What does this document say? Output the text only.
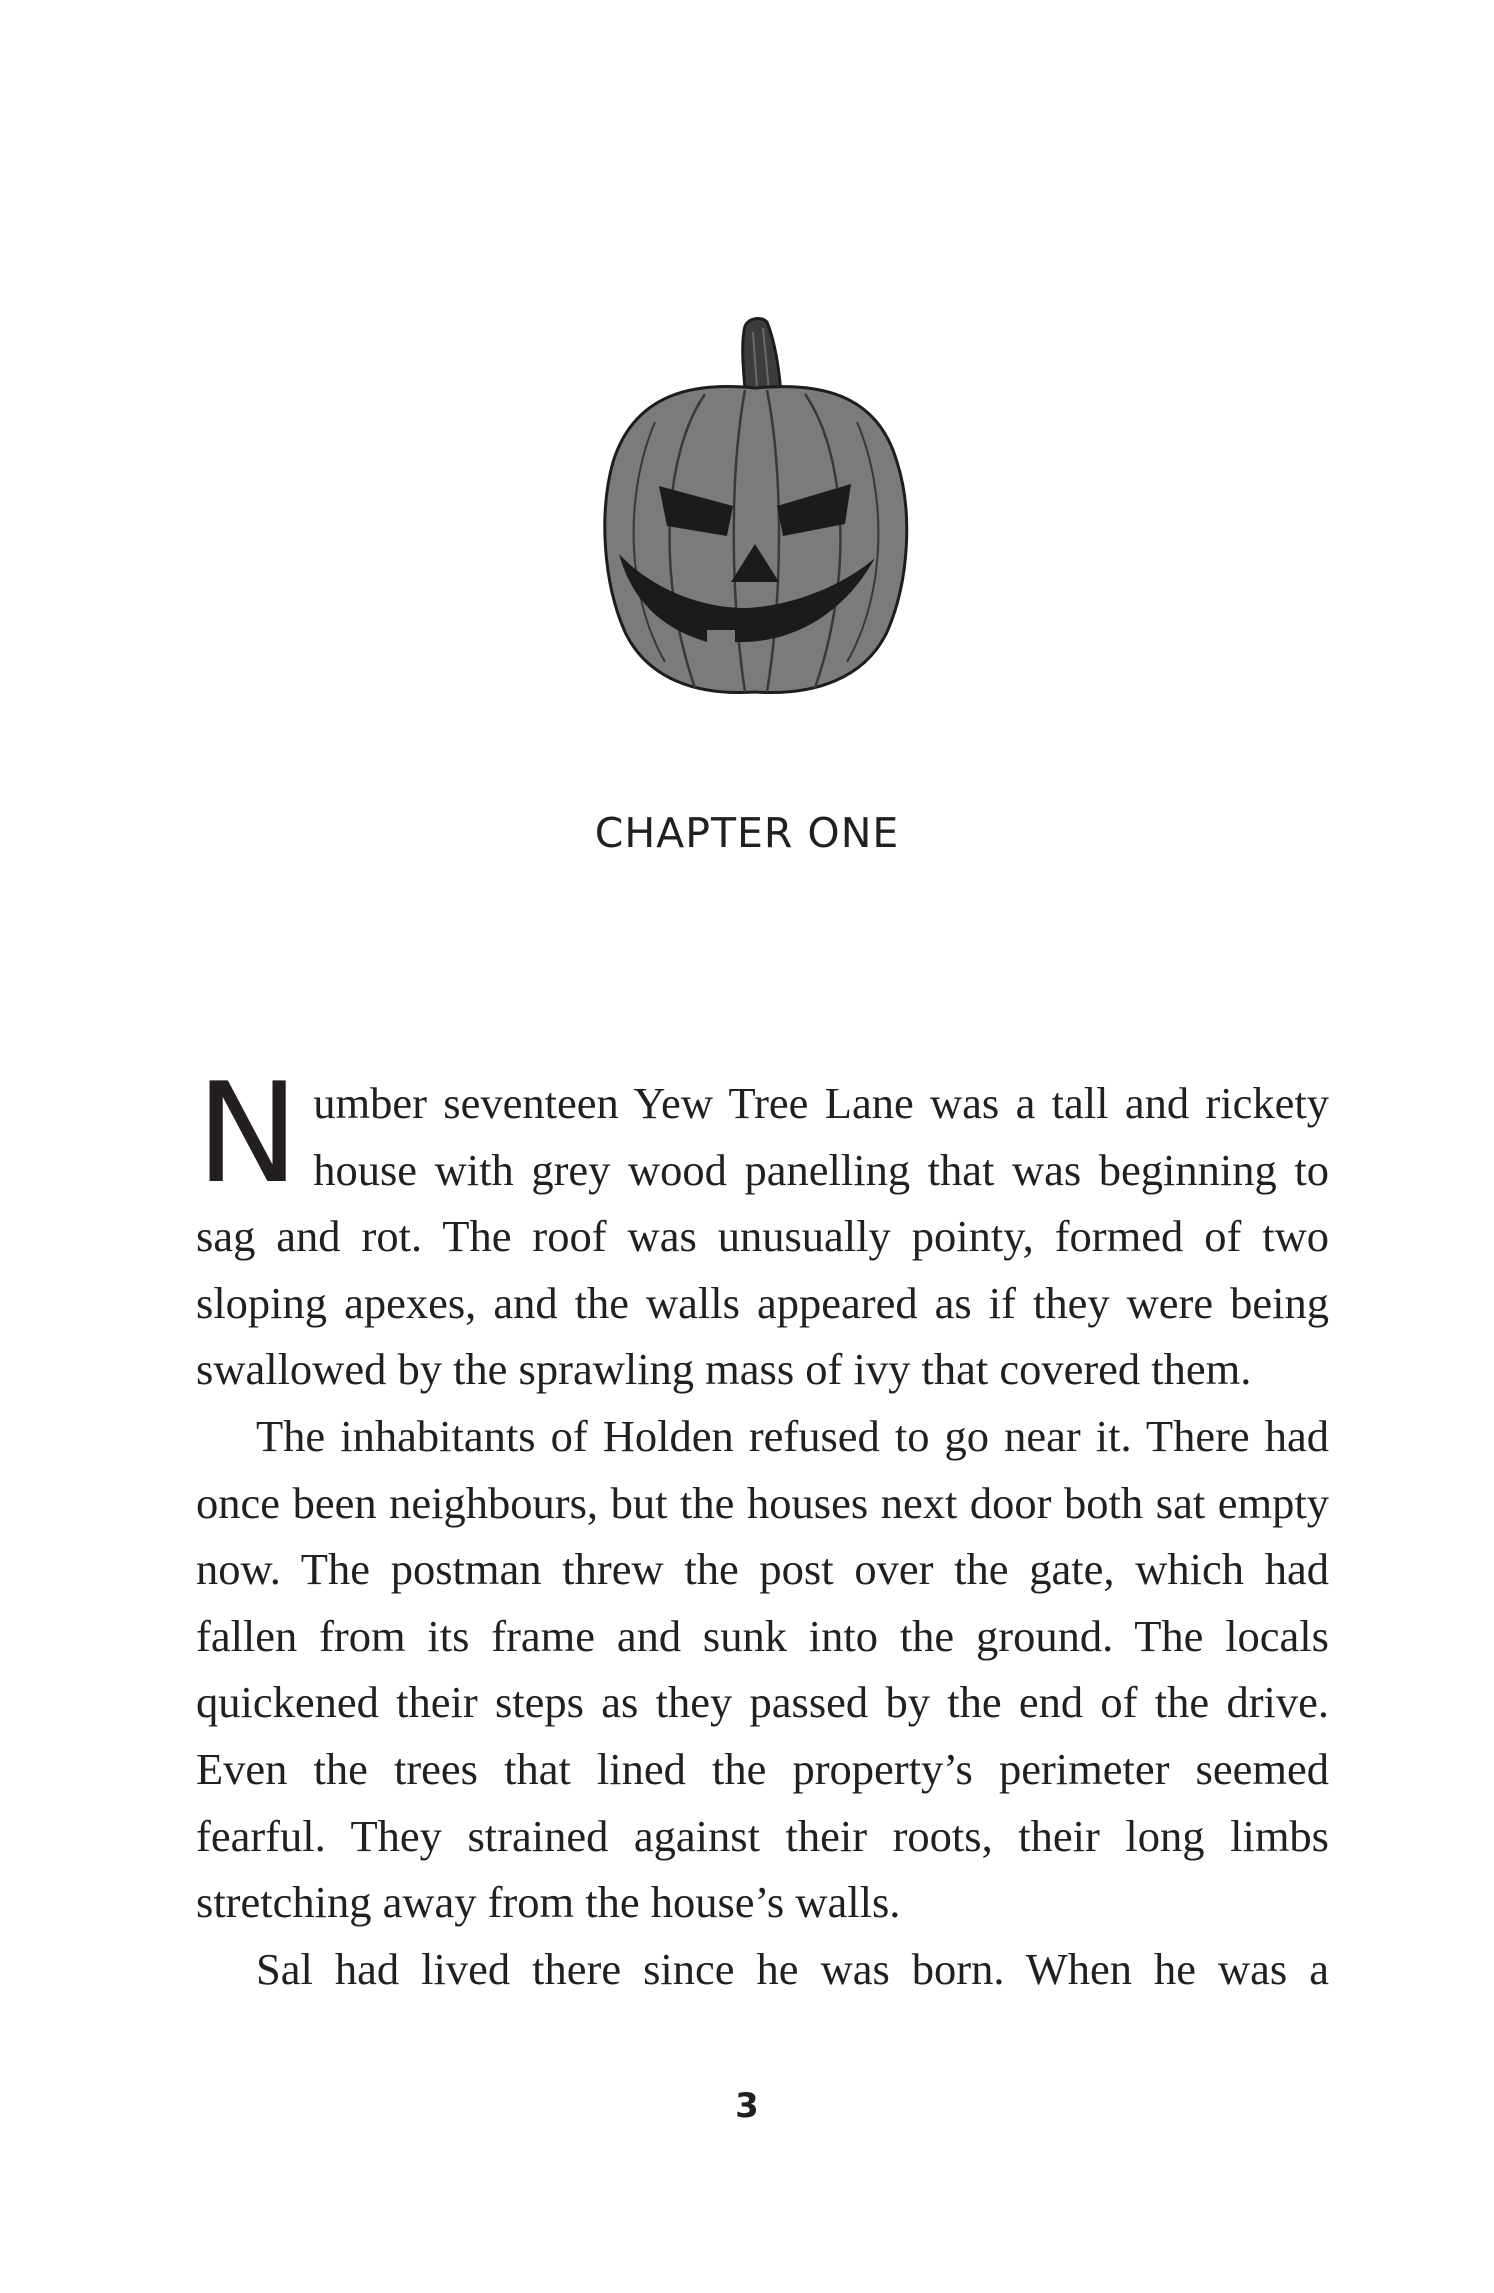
CHAPTER ONE

Number seventeen Yew Tree Lane was a tall and rickety house with grey wood panelling that was beginning to sag and rot. The roof was unusually pointy, formed of two sloping apexes, and the walls appeared as if they were being swallowed by the sprawling mass of ivy that covered them.

The inhabitants of Holden refused to go near it. There had once been neighbours, but the houses next door both sat empty now. The postman threw the post over the gate, which had fallen from its frame and sunk into the ground. The locals quickened their steps as they passed by the end of the drive. Even the trees that lined the property’s perimeter seemed fearful. They strained against their roots, their long limbs stretching away from the house’s walls.

Sal had lived there since he was born. When he was a

3
